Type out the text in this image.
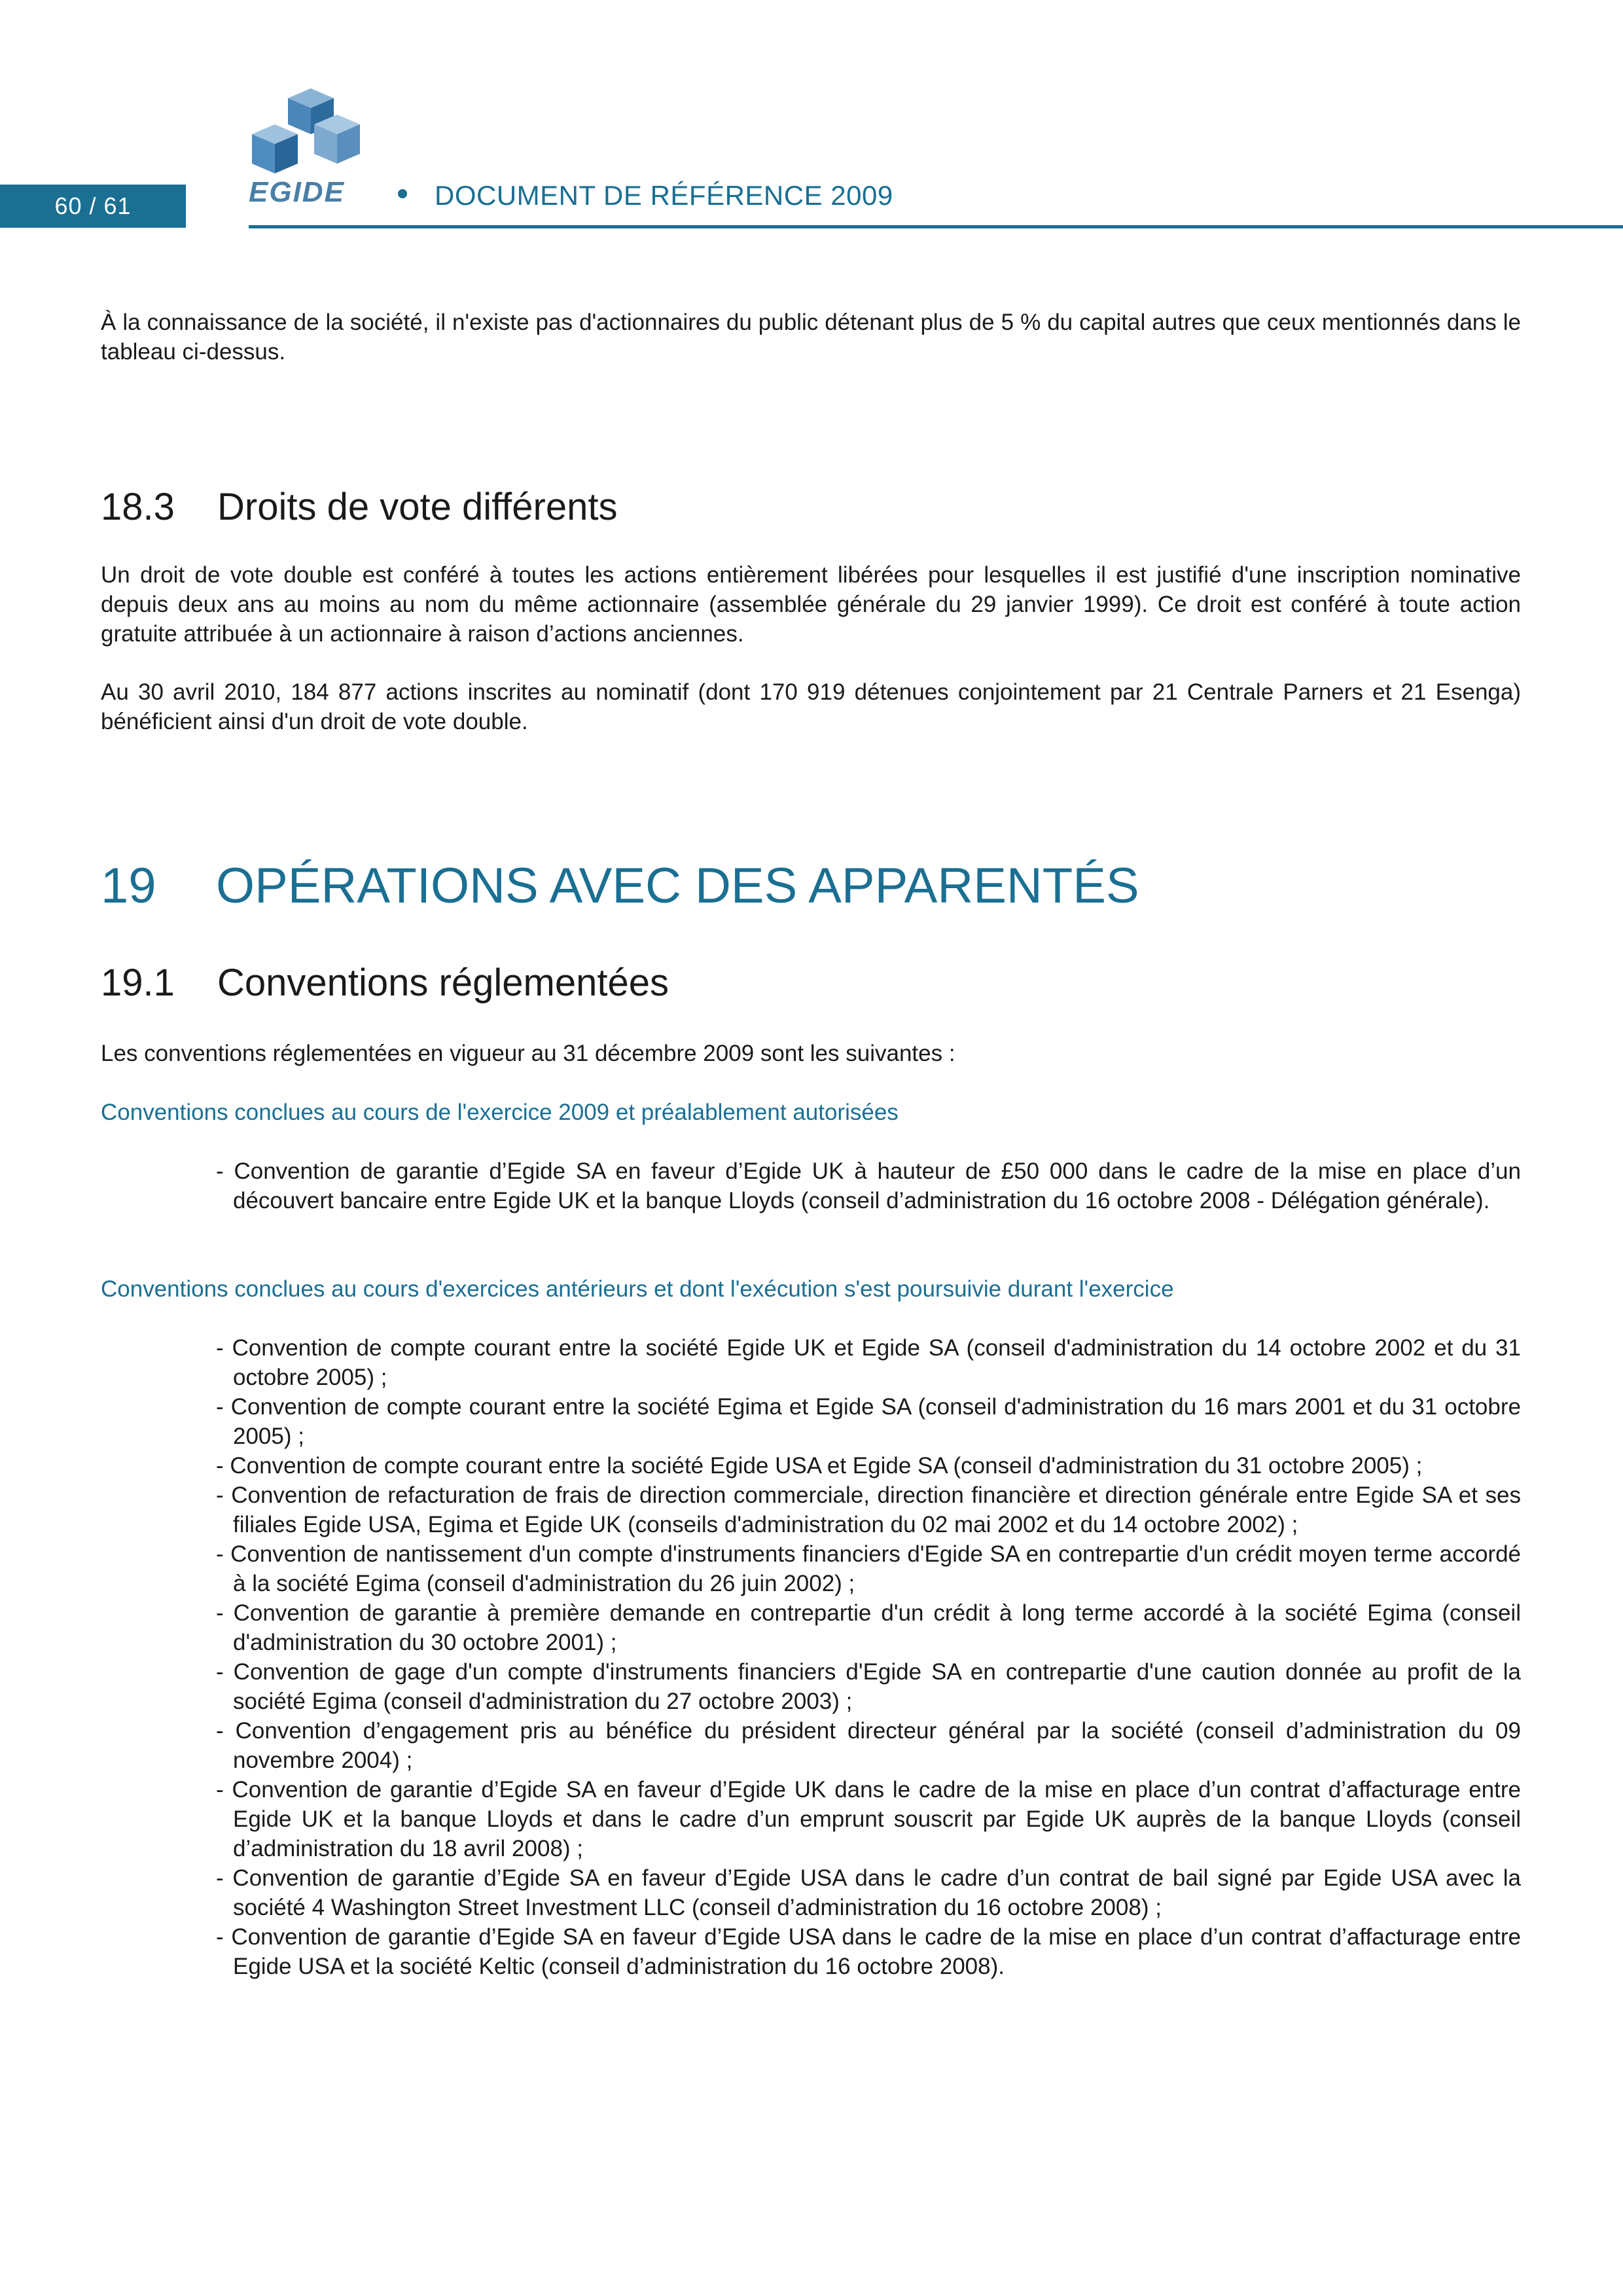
60 / 61	EGIDE	DOCUMENT DE RÉFÉRENCE 2009

À la connaissance de la société, il n'existe pas d'actionnaires du public détenant plus de 5 % du capital autres que ceux mentionnés dans le tableau ci-dessus.

18.3	Droits de vote différents

Un droit de vote double est conféré à toutes les actions entièrement libérées pour lesquelles il est justifié d'une inscription nominative depuis deux ans au moins au nom du même actionnaire (assemblée générale du 29 janvier 1999). Ce droit est conféré à toute action gratuite attribuée à un actionnaire à raison d’actions anciennes.

Au 30 avril 2010, 184 877 actions inscrites au nominatif (dont 170 919 détenues conjointement par 21 Centrale Parners et 21 Esenga) bénéficient ainsi d'un droit de vote double.

19	OPÉRATIONS AVEC DES APPARENTÉS
19.1	Conventions réglementées

Les conventions réglementées en vigueur au 31 décembre 2009 sont les suivantes :

Conventions conclues au cours de l'exercice 2009 et préalablement autorisées

- Convention de garantie d’Egide SA en faveur d’Egide UK à hauteur de £50 000 dans le cadre de la mise en place d’un découvert bancaire entre Egide UK et la banque Lloyds (conseil d’administration du 16 octobre 2008 - Délégation générale).

Conventions conclues au cours d'exercices antérieurs et dont l'exécution s'est poursuivie durant l'exercice

- Convention de compte courant entre la société Egide UK et Egide SA (conseil d'administration du 14 octobre 2002 et du 31 octobre 2005) ;
- Convention de compte courant entre la société Egima et Egide SA (conseil d'administration du 16 mars 2001 et du 31 octobre 2005) ;
- Convention de compte courant entre la société Egide USA et Egide SA (conseil d'administration du 31 octobre 2005) ;
- Convention de refacturation de frais de direction commerciale, direction financière et direction générale entre Egide SA et ses filiales Egide USA, Egima et Egide UK (conseils d'administration du 02 mai 2002 et du 14 octobre 2002) ;
- Convention de nantissement d'un compte d'instruments financiers d'Egide SA en contrepartie d'un crédit moyen terme accordé à la société Egima (conseil d'administration du 26 juin 2002) ;
- Convention de garantie à première demande en contrepartie d'un crédit à long terme accordé à la société Egima (conseil d'administration du 30 octobre 2001) ;
- Convention de gage d'un compte d'instruments financiers d'Egide SA en contrepartie d'une caution donnée au profit de la société Egima (conseil d'administration du 27 octobre 2003) ;
- Convention d’engagement pris au bénéfice du président directeur général par la société (conseil d’administration du 09 novembre 2004) ;
- Convention de garantie d’Egide SA en faveur d’Egide UK dans le cadre de la mise en place d’un contrat d’affacturage entre Egide UK et la banque Lloyds et dans le cadre d’un emprunt souscrit par Egide UK auprès de la banque Lloyds (conseil d’administration du 18 avril 2008) ;
- Convention de garantie d’Egide SA en faveur d’Egide USA dans le cadre d’un contrat de bail signé par Egide USA avec la société 4 Washington Street Investment LLC (conseil d’administration du 16 octobre 2008) ;
- Convention de garantie d’Egide SA en faveur d’Egide USA dans le cadre de la mise en place d’un contrat d’affacturage entre Egide USA et la société Keltic (conseil d’administration du 16 octobre 2008).
